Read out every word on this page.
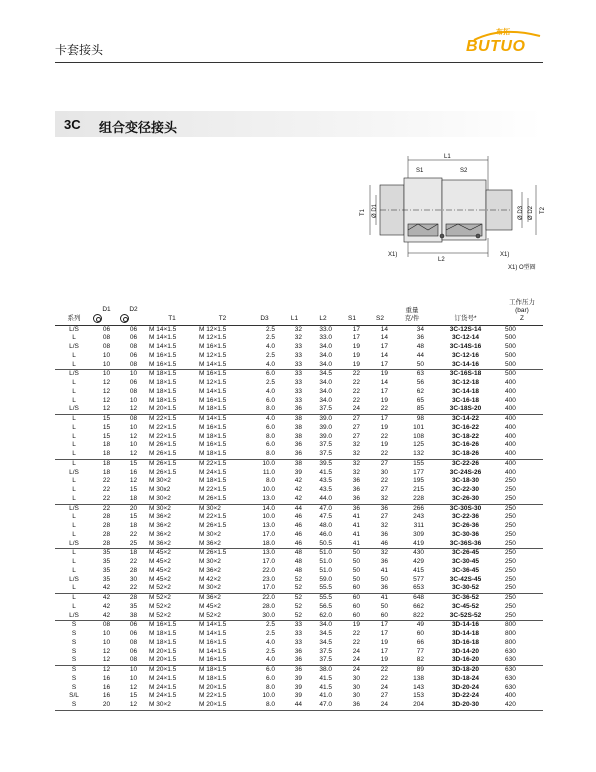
卡套接头
布拓
BUTUO
3C 组合变径接头
L1
S1	S2
L2
T1 Ø D1	Ø D3 Ø D2 T2
X1)	X1)
X1) O型圈
系列	D1	D2	T1	T2	D3	L1	L2	S1	S2	重量
克/件	订货号*	工作压力
(bar)
Z

L/S	06	06	M 14×1.5	M 12×1.5	2.5	32	33.0	17	14	34	3C-12S-14	500
L	08	06	M 14×1.5	M 12×1.5	2.5	32	33.0	17	14	36	3C-12-14	500
L/S	08	08	M 14×1.5	M 16×1.5	4.0	33	34.0	19	17	48	3C-14S-16	500
L	10	06	M 16×1.5	M 12×1.5	2.5	33	34.0	19	14	44	3C-12-16	500
L	10	08	M 16×1.5	M 14×1.5	4.0	33	34.0	19	17	50	3C-14-16	500
L/S	10	10	M 18×1.5	M 16×1.5	6.0	33	34.5	22	19	63	3C-16S-18	500
L	12	06	M 18×1.5	M 12×1.5	2.5	33	34.0	22	14	56	3C-12-18	400
L	12	08	M 18×1.5	M 14×1.5	4.0	33	34.0	22	17	62	3C-14-18	400
L	12	10	M 18×1.5	M 16×1.5	6.0	33	34.0	22	19	65	3C-16-18	400
L/S	12	12	M 20×1.5	M 18×1.5	8.0	36	37.5	24	22	85	3C-18S-20	400
L	15	08	M 22×1.5	M 14×1.5	4.0	38	39.0	27	17	98	3C-14-22	400
L	15	10	M 22×1.5	M 16×1.5	6.0	38	39.0	27	19	101	3C-16-22	400
L	15	12	M 22×1.5	M 18×1.5	8.0	38	39.0	27	22	108	3C-18-22	400
L	18	10	M 26×1.5	M 16×1.5	6.0	36	37.5	32	19	125	3C-16-26	400
L	18	12	M 26×1.5	M 18×1.5	8.0	36	37.5	32	22	132	3C-18-26	400
L	18	15	M 26×1.5	M 22×1.5	10.0	38	39.5	32	27	155	3C-22-26	400
L/S	18	16	M 26×1.5	M 24×1.5	11.0	39	41.5	32	30	177	3C-24S-26	400
L	22	12	M 30×2	M 18×1.5	8.0	42	43.5	36	22	195	3C-18-30	250
L	22	15	M 30x2	M 22×1.5	10.0	42	43.5	36	27	215	3C-22-30	250
L	22	18	M 30×2	M 26×1.5	13.0	42	44.0	36	32	228	3C-26-30	250
L/S	22	20	M 30×2	M 30×2	14.0	44	47.0	36	36	266	3C-30S-30	250
L	28	15	M 36×2	M 22×1.5	10.0	46	47.5	41	27	243	3C-22-36	250
L	28	18	M 36×2	M 26×1.5	13.0	46	48.0	41	32	311	3C-26-36	250
L	28	22	M 36×2	M 30×2	17.0	46	46.0	41	36	309	3C-30-36	250
L/S	28	25	M 36×2	M 36×2	18.0	46	50.5	41	46	419	3C-36S-36	250
L	35	18	M 45×2	M 26×1.5	13.0	48	51.0	50	32	430	3C-26-45	250
L	35	22	M 45×2	M 30×2	17.0	48	51.0	50	36	429	3C-30-45	250
L	35	28	M 45×2	M 36×2	22.0	48	51.0	50	41	415	3C-36-45	250
L/S	35	30	M 45×2	M 42×2	23.0	52	59.0	50	50	577	3C-42S-45	250
L	42	22	M 52×2	M 30×2	17.0	52	55.5	60	36	653	3C-30-52	250
L	42	28	M 52×2	M 36×2	22.0	52	55.5	60	41	648	3C-36-52	250
L	42	35	M 52×2	M 45×2	28.0	52	56.5	60	50	662	3C-45-52	250
L/S	42	38	M 52×2	M 52×2	30.0	52	62.0	60	60	822	3C-52S-52	250
S	08	06	M 16×1.5	M 14×1.5	2.5	33	34.0	19	17	49	3D-14-16	800
S	10	06	M 18×1.5	M 14×1.5	2.5	33	34.5	22	17	60	3D-14-18	800
S	10	08	M 18×1.5	M 16×1.5	4.0	33	34.5	22	19	66	3D-16-18	800
S	12	06	M 20×1.5	M 14×1.5	2.5	36	37.5	24	17	77	3D-14-20	630
S	12	08	M 20×1.5	M 16×1.5	4.0	36	37.5	24	19	82	3D-16-20	630
S	12	10	M 20×1.5	M 18×1.5	6.0	36	38.0	24	22	89	3D-18-20	630
S	16	10	M 24×1.5	M 18×1.5	6.0	39	41.5	30	22	138	3D-18-24	630
S	16	12	M 24×1.5	M 20×1.5	8.0	39	41.5	30	24	143	3D-20-24	630
S/L	16	15	M 24×1.5	M 22×1.5	10.0	39	41.0	30	27	153	3D-22-24	400
S	20	12	M 30×2	M 20×1.5	8.0	44	47.0	36	24	204	3D-20-30	420
